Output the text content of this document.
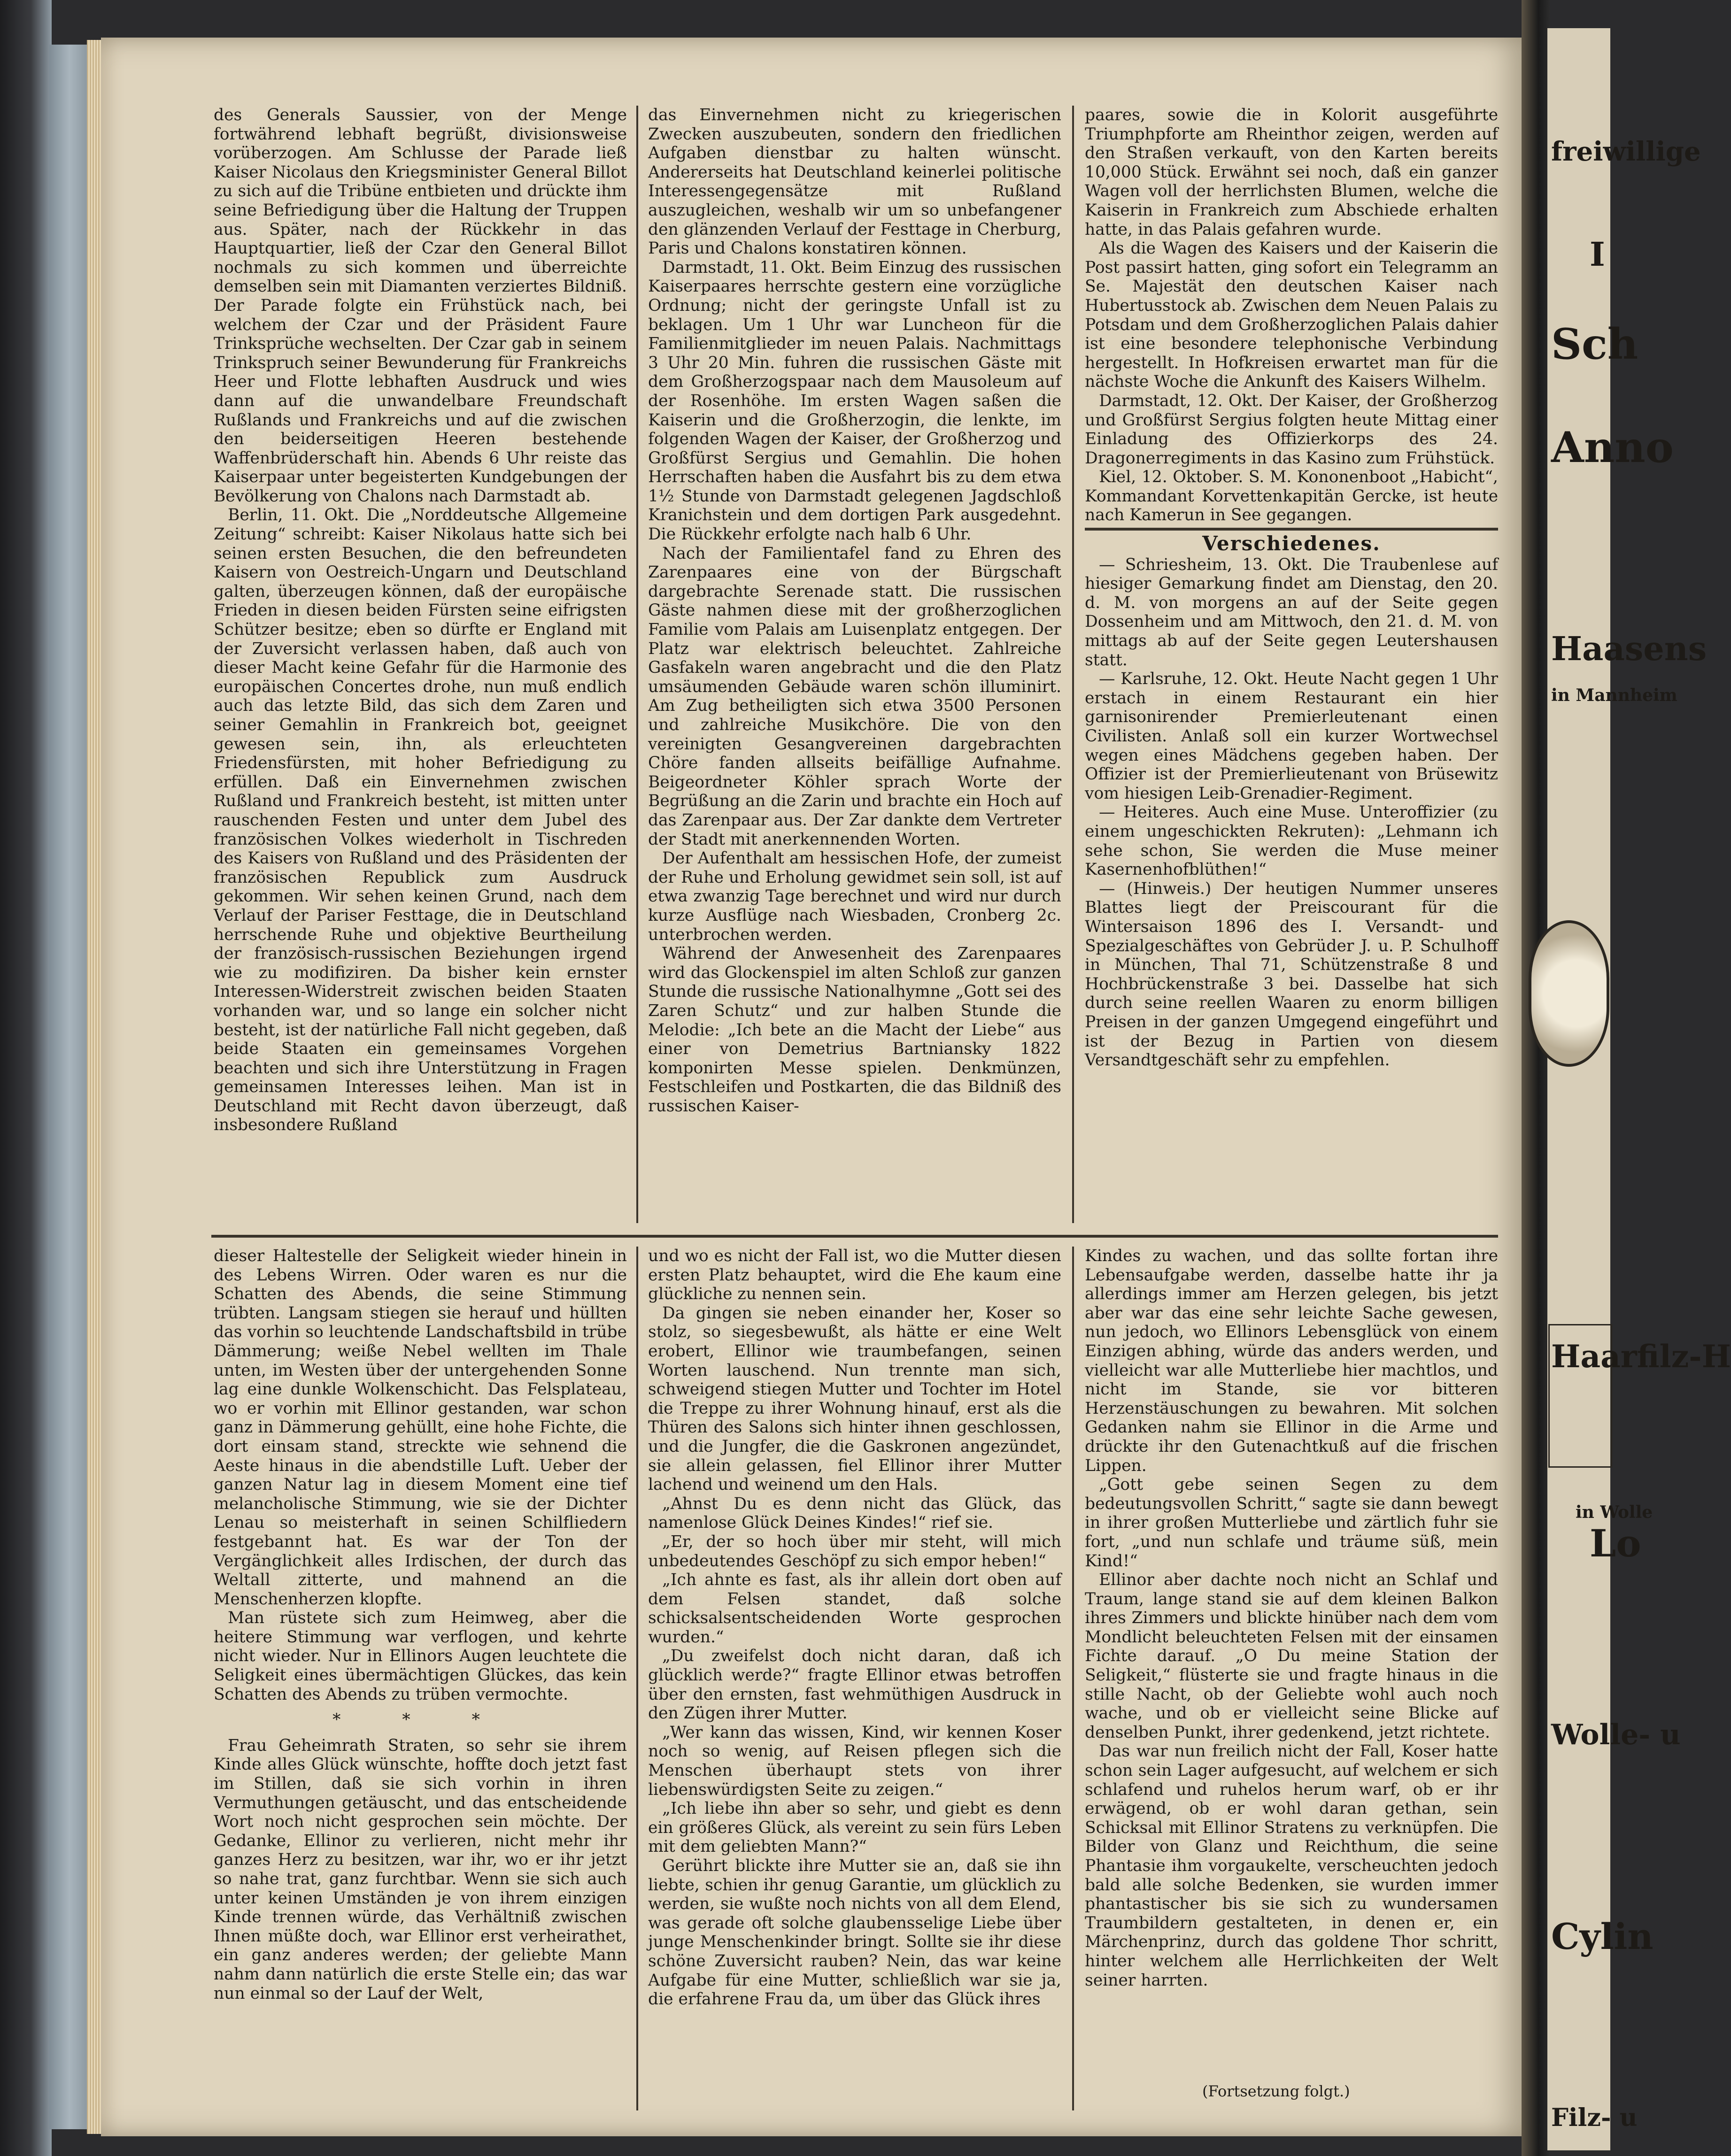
des Generals Saussier, von der Menge fortwährend lebhaft begrüßt, divisionsweise vorüberzogen. Am Schlusse der Parade ließ Kaiser Nicolaus den Kriegsminister General Billot zu sich auf die Tribüne entbieten und drückte ihm seine Befriedigung über die Haltung der Truppen aus. Später, nach der Rückkehr in das Hauptquartier, ließ der Czar den General Billot nochmals zu sich kommen und überreichte demselben sein mit Diamanten verziertes Bildniß. Der Parade folgte ein Frühstück nach, bei welchem der Czar und der Präsident Faure Trinksprüche wechselten. Der Czar gab in seinem Trinkspruch seiner Bewunderung für Frankreichs Heer und Flotte lebhaften Ausdruck und wies dann auf die unwandelbare Freundschaft Rußlands und Frankreichs und auf die zwischen den beiderseitigen Heeren bestehende Waffenbrüderschaft hin. Abends 6 Uhr reiste das Kaiserpaar unter begeisterten Kundgebungen der Bevölkerung von Chalons nach Darmstadt ab.

Berlin, 11. Okt. Die „Norddeutsche Allgemeine Zeitung“ schreibt: Kaiser Nikolaus hatte sich bei seinen ersten Besuchen, die den befreundeten Kaisern von Oestreich-Ungarn und Deutschland galten, überzeugen können, daß der europäische Frieden in diesen beiden Fürsten seine eifrigsten Schützer besitze; eben so dürfte er England mit der Zuversicht verlassen haben, daß auch von dieser Macht keine Gefahr für die Harmonie des europäischen Concertes drohe, nun muß endlich auch das letzte Bild, das sich dem Zaren und seiner Gemahlin in Frankreich bot, geeignet gewesen sein, ihn, als erleuchteten Friedensfürsten, mit hoher Befriedigung zu erfüllen. Daß ein Einvernehmen zwischen Rußland und Frankreich besteht, ist mitten unter rauschenden Festen und unter dem Jubel des französischen Volkes wiederholt in Tischreden des Kaisers von Rußland und des Präsidenten der französischen Republick zum Ausdruck gekommen. Wir sehen keinen Grund, nach dem Verlauf der Pariser Festtage, die in Deutschland herrschende Ruhe und objektive Beurtheilung der französisch-russischen Beziehungen irgend wie zu modifiziren. Da bisher kein ernster Interessen-Widerstreit zwischen beiden Staaten vorhanden war, und so lange ein solcher nicht besteht, ist der natürliche Fall nicht gegeben, daß beide Staaten ein gemeinsames Vorgehen beachten und sich ihre Unterstützung in Fragen gemeinsamen Interesses leihen. Man ist in Deutschland mit Recht davon überzeugt, daß insbesondere Rußland

das Einvernehmen nicht zu kriegerischen Zwecken auszubeuten, sondern den friedlichen Aufgaben dienstbar zu halten wünscht. Andererseits hat Deutschland keinerlei politische Interessengegensätze mit Rußland auszugleichen, weshalb wir um so unbefangener den glänzenden Verlauf der Festtage in Cherburg, Paris und Chalons konstatiren können.

Darmstadt, 11. Okt. Beim Einzug des russischen Kaiserpaares herrschte gestern eine vorzügliche Ordnung; nicht der geringste Unfall ist zu beklagen. Um 1 Uhr war Luncheon für die Familienmitglieder im neuen Palais. Nachmittags 3 Uhr 20 Min. fuhren die russischen Gäste mit dem Großherzogspaar nach dem Mausoleum auf der Rosenhöhe. Im ersten Wagen saßen die Kaiserin und die Großherzogin, die lenkte, im folgenden Wagen der Kaiser, der Großherzog und Großfürst Sergius und Gemahlin. Die hohen Herrschaften haben die Ausfahrt bis zu dem etwa 1½ Stunde von Darmstadt gelegenen Jagdschloß Kranichstein und dem dortigen Park ausgedehnt. Die Rückkehr erfolgte nach halb 6 Uhr.

Nach der Familientafel fand zu Ehren des Zarenpaares eine von der Bürgschaft dargebrachte Serenade statt. Die russischen Gäste nahmen diese mit der großherzoglichen Familie vom Palais am Luisenplatz entgegen. Der Platz war elektrisch beleuchtet. Zahlreiche Gasfakeln waren angebracht und die den Platz umsäumenden Gebäude waren schön illuminirt. Am Zug betheiligten sich etwa 3500 Personen und zahlreiche Musikchöre. Die von den vereinigten Gesangvereinen dargebrachten Chöre fanden allseits beifällige Aufnahme. Beigeordneter Köhler sprach Worte der Begrüßung an die Zarin und brachte ein Hoch auf das Zarenpaar aus. Der Zar dankte dem Vertreter der Stadt mit anerkennenden Worten.

Der Aufenthalt am hessischen Hofe, der zumeist der Ruhe und Erholung gewidmet sein soll, ist auf etwa zwanzig Tage berechnet und wird nur durch kurze Ausflüge nach Wiesbaden, Cronberg 2c. unterbrochen werden.

Während der Anwesenheit des Zarenpaares wird das Glockenspiel im alten Schloß zur ganzen Stunde die russische Nationalhymne „Gott sei des Zaren Schutz“ und zur halben Stunde die Melodie: „Ich bete an die Macht der Liebe“ aus einer von Demetrius Bartniansky 1822 komponirten Messe spielen. Denkmünzen, Festschleifen und Postkarten, die das Bildniß des russischen Kaiser-

paares, sowie die in Kolorit ausgeführte Triumphpforte am Rheinthor zeigen, werden auf den Straßen verkauft, von den Karten bereits 10,000 Stück. Erwähnt sei noch, daß ein ganzer Wagen voll der herrlichsten Blumen, welche die Kaiserin in Frankreich zum Abschiede erhalten hatte, in das Palais gefahren wurde.

Als die Wagen des Kaisers und der Kaiserin die Post passirt hatten, ging sofort ein Telegramm an Se. Majestät den deutschen Kaiser nach Hubertusstock ab. Zwischen dem Neuen Palais zu Potsdam und dem Großherzoglichen Palais dahier ist eine besondere telephonische Verbindung hergestellt. In Hofkreisen erwartet man für die nächste Woche die Ankunft des Kaisers Wilhelm.

Darmstadt, 12. Okt. Der Kaiser, der Großherzog und Großfürst Sergius folgten heute Mittag einer Einladung des Offizierkorps des 24. Dragonerregiments in das Kasino zum Frühstück.

Kiel, 12. Oktober. S. M. Kononenboot „Habicht“, Kommandant Korvettenkapitän Gercke, ist heute nach Kamerun in See gegangen.

Verschiedenes.

— Schriesheim, 13. Okt. Die Traubenlese auf hiesiger Gemarkung findet am Dienstag, den 20. d. M. von morgens an auf der Seite gegen Dossenheim und am Mittwoch, den 21. d. M. von mittags ab auf der Seite gegen Leutershausen statt.

— Karlsruhe, 12. Okt. Heute Nacht gegen 1 Uhr erstach in einem Restaurant ein hier garnisonirender Premierleutenant einen Civilisten. Anlaß soll ein kurzer Wortwechsel wegen eines Mädchens gegeben haben. Der Offizier ist der Premierlieutenant von Brüsewitz vom hiesigen Leib-Grenadier-Regiment.

— Heiteres. Auch eine Muse. Unteroffizier (zu einem ungeschickten Rekruten): „Lehmann ich sehe schon, Sie werden die Muse meiner Kasernenhofblüthen!“

— (Hinweis.) Der heutigen Nummer unseres Blattes liegt der Preiscourant für die Wintersaison 1896 des I. Versandt- und Spezialgeschäftes von Gebrüder J. u. P. Schulhoff in München, Thal 71, Schützenstraße 8 und Hochbrückenstraße 3 bei. Dasselbe hat sich durch seine reellen Waaren zu enorm billigen Preisen in der ganzen Umgegend eingeführt und ist der Bezug in Partien von diesem Versandtgeschäft sehr zu empfehlen.

dieser Haltestelle der Seligkeit wieder hinein in des Lebens Wirren. Oder waren es nur die Schatten des Abends, die seine Stimmung trübten. Langsam stiegen sie herauf und hüllten das vorhin so leuchtende Landschaftsbild in trübe Dämmerung; weiße Nebel wellten im Thale unten, im Westen über der untergehenden Sonne lag eine dunkle Wolkenschicht. Das Felsplateau, wo er vorhin mit Ellinor gestanden, war schon ganz in Dämmerung gehüllt, eine hohe Fichte, die dort einsam stand, streckte wie sehnend die Aeste hinaus in die abendstille Luft. Ueber der ganzen Natur lag in diesem Moment eine tief melancholische Stimmung, wie sie der Dichter Lenau so meisterhaft in seinen Schilfliedern festgebannt hat. Es war der Ton der Vergänglichkeit alles Irdischen, der durch das Weltall zitterte, und mahnend an die Menschenherzen klopfte.

Man rüstete sich zum Heimweg, aber die heitere Stimmung war verflogen, und kehrte nicht wieder. Nur in Ellinors Augen leuchtete die Seligkeit eines übermächtigen Glückes, das kein Schatten des Abends zu trüben vermochte.

* * *

Frau Geheimrath Straten, so sehr sie ihrem Kinde alles Glück wünschte, hoffte doch jetzt fast im Stillen, daß sie sich vorhin in ihren Vermuthungen getäuscht, und das entscheidende Wort noch nicht gesprochen sein möchte. Der Gedanke, Ellinor zu verlieren, nicht mehr ihr ganzes Herz zu besitzen, war ihr, wo er ihr jetzt so nahe trat, ganz furchtbar. Wenn sie sich auch unter keinen Umständen je von ihrem einzigen Kinde trennen würde, das Verhältniß zwischen Ihnen müßte doch, war Ellinor erst verheirathet, ein ganz anderes werden; der geliebte Mann nahm dann natürlich die erste Stelle ein; das war nun einmal so der Lauf der Welt,

und wo es nicht der Fall ist, wo die Mutter diesen ersten Platz behauptet, wird die Ehe kaum eine glückliche zu nennen sein.

Da gingen sie neben einander her, Koser so stolz, so siegesbewußt, als hätte er eine Welt erobert, Ellinor wie traumbefangen, seinen Worten lauschend. Nun trennte man sich, schweigend stiegen Mutter und Tochter im Hotel die Treppe zu ihrer Wohnung hinauf, erst als die Thüren des Salons sich hinter ihnen geschlossen, und die Jungfer, die die Gaskronen angezündet, sie allein gelassen, fiel Ellinor ihrer Mutter lachend und weinend um den Hals.

„Ahnst Du es denn nicht das Glück, das namenlose Glück Deines Kindes!“ rief sie.

„Er, der so hoch über mir steht, will mich unbedeutendes Geschöpf zu sich empor heben!“

„Ich ahnte es fast, als ihr allein dort oben auf dem Felsen standet, daß solche schicksalsentscheidenden Worte gesprochen wurden.“

„Du zweifelst doch nicht daran, daß ich glücklich werde?“ fragte Ellinor etwas betroffen über den ernsten, fast wehmüthigen Ausdruck in den Zügen ihrer Mutter.

„Wer kann das wissen, Kind, wir kennen Koser noch so wenig, auf Reisen pflegen sich die Menschen überhaupt stets von ihrer liebenswürdigsten Seite zu zeigen.“

„Ich liebe ihn aber so sehr, und giebt es denn ein größeres Glück, als vereint zu sein fürs Leben mit dem geliebten Mann?“

Gerührt blickte ihre Mutter sie an, daß sie ihn liebte, schien ihr genug Garantie, um glücklich zu werden, sie wußte noch nichts von all dem Elend, was gerade oft solche glaubensselige Liebe über junge Menschenkinder bringt. Sollte sie ihr diese schöne Zuversicht rauben? Nein, das war keine Aufgabe für eine Mutter, schließlich war sie ja, die erfahrene Frau da, um über das Glück ihres

Kindes zu wachen, und das sollte fortan ihre Lebensaufgabe werden, dasselbe hatte ihr ja allerdings immer am Herzen gelegen, bis jetzt aber war das eine sehr leichte Sache gewesen, nun jedoch, wo Ellinors Lebensglück von einem Einzigen abhing, würde das anders werden, und vielleicht war alle Mutterliebe hier machtlos, und nicht im Stande, sie vor bitteren Herzenstäuschungen zu bewahren. Mit solchen Gedanken nahm sie Ellinor in die Arme und drückte ihr den Gutenachtkuß auf die frischen Lippen.

„Gott gebe seinen Segen zu dem bedeutungsvollen Schritt,“ sagte sie dann bewegt in ihrer großen Mutterliebe und zärtlich fuhr sie fort, „und nun schlafe und träume süß, mein Kind!“

Ellinor aber dachte noch nicht an Schlaf und Traum, lange stand sie auf dem kleinen Balkon ihres Zimmers und blickte hinüber nach dem vom Mondlicht beleuchteten Felsen mit der einsamen Fichte darauf. „O Du meine Station der Seligkeit,“ flüsterte sie und fragte hinaus in die stille Nacht, ob der Geliebte wohl auch noch wache, und ob er vielleicht seine Blicke auf denselben Punkt, ihrer gedenkend, jetzt richtete.

Das war nun freilich nicht der Fall, Koser hatte schon sein Lager aufgesucht, auf welchem er sich schlafend und ruhelos herum warf, ob er ihr erwägend, ob er wohl daran gethan, sein Schicksal mit Ellinor Stratens zu verknüpfen. Die Bilder von Glanz und Reichthum, die seine Phantasie ihm vorgaukelte, verscheuchten jedoch bald alle solche Bedenken, sie wurden immer phantastischer bis sie sich zu wundersamen Traumbildern gestalteten, in denen er, ein Märchenprinz, durch das goldene Thor schritt, hinter welchem alle Herrlichkeiten der Welt seiner harrten.

(Fortsetzung folgt.)
freiwillige
I
Sch
Anno
Haasens
in Mannheim
Haarfilz-H
in Wolle
Lo
Wolle- u
Cylin
Filz- u
